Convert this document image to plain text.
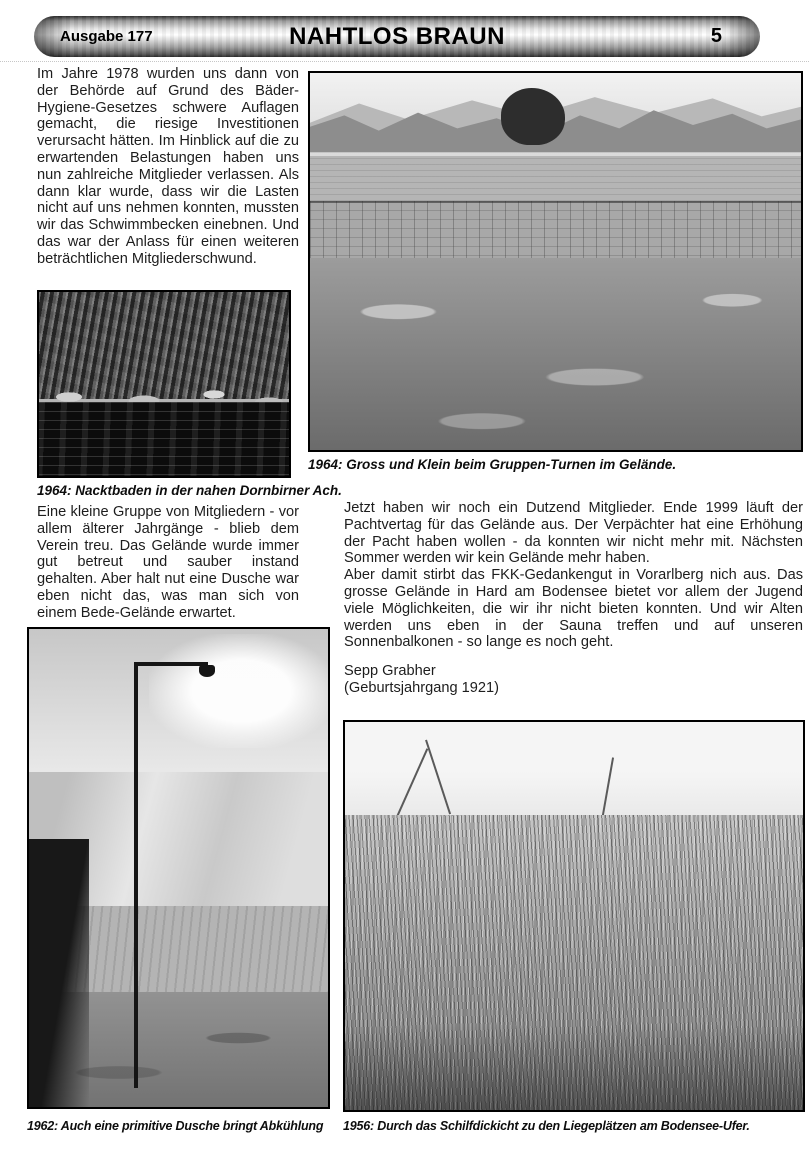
Ausgabe 177	NAHTLOS BRAUN	5

Im Jahre 1978 wurden uns dann von der Behörde auf Grund des Bäder-Hygiene-Gesetzes schwere Auflagen gemacht, die riesige Investitionen verursacht hätten. Im Hinblick auf die zu erwartenden Belastungen haben uns nun zahlreiche Mitglieder verlassen. Als dann klar wurde, dass wir die Lasten nicht auf uns nehmen konnten, mussten wir das Schwimmbecken einebnen. Und das war der Anlass für einen weiteren beträchtlichen Mitgliederschwund.

1964: Nacktbaden in der nahen Dornbirner Ach.

Eine kleine Gruppe von Mitgliedern - vor allem älterer Jahrgänge - blieb dem Verein treu. Das Gelände wurde immer gut betreut und sauber instand gehalten. Aber halt nut eine Dusche war eben nicht das, was man sich von einem Bede-Gelände erwartet.

1964: Gross und Klein beim Gruppen-Turnen im Gelände.

Jetzt haben wir noch ein Dutzend Mitglieder. Ende 1999 läuft der Pachtvertag für das Gelände aus. Der Verpächter hat eine Erhöhung der Pacht haben wollen - da konnten wir nicht mehr mit. Nächsten Sommer werden wir kein Gelände mehr haben.

Aber damit stirbt das FKK-Gedankengut in Vorarlberg nich aus. Das grosse Gelände in Hard am Bodensee bietet vor allem der Jugend viele Möglichkeiten, die wir ihr nicht bieten konnten. Und wir Alten werden uns eben in der Sauna treffen und auf unseren Sonnenbalkonen - so lange es noch geht.

Sepp Grabher

(Geburtsjahrgang 1921)

1962: Auch eine primitive Dusche bringt Abkühlung 1956: Durch das Schilfdickicht zu den Liegeplätzen am Bodensee-Ufer.
